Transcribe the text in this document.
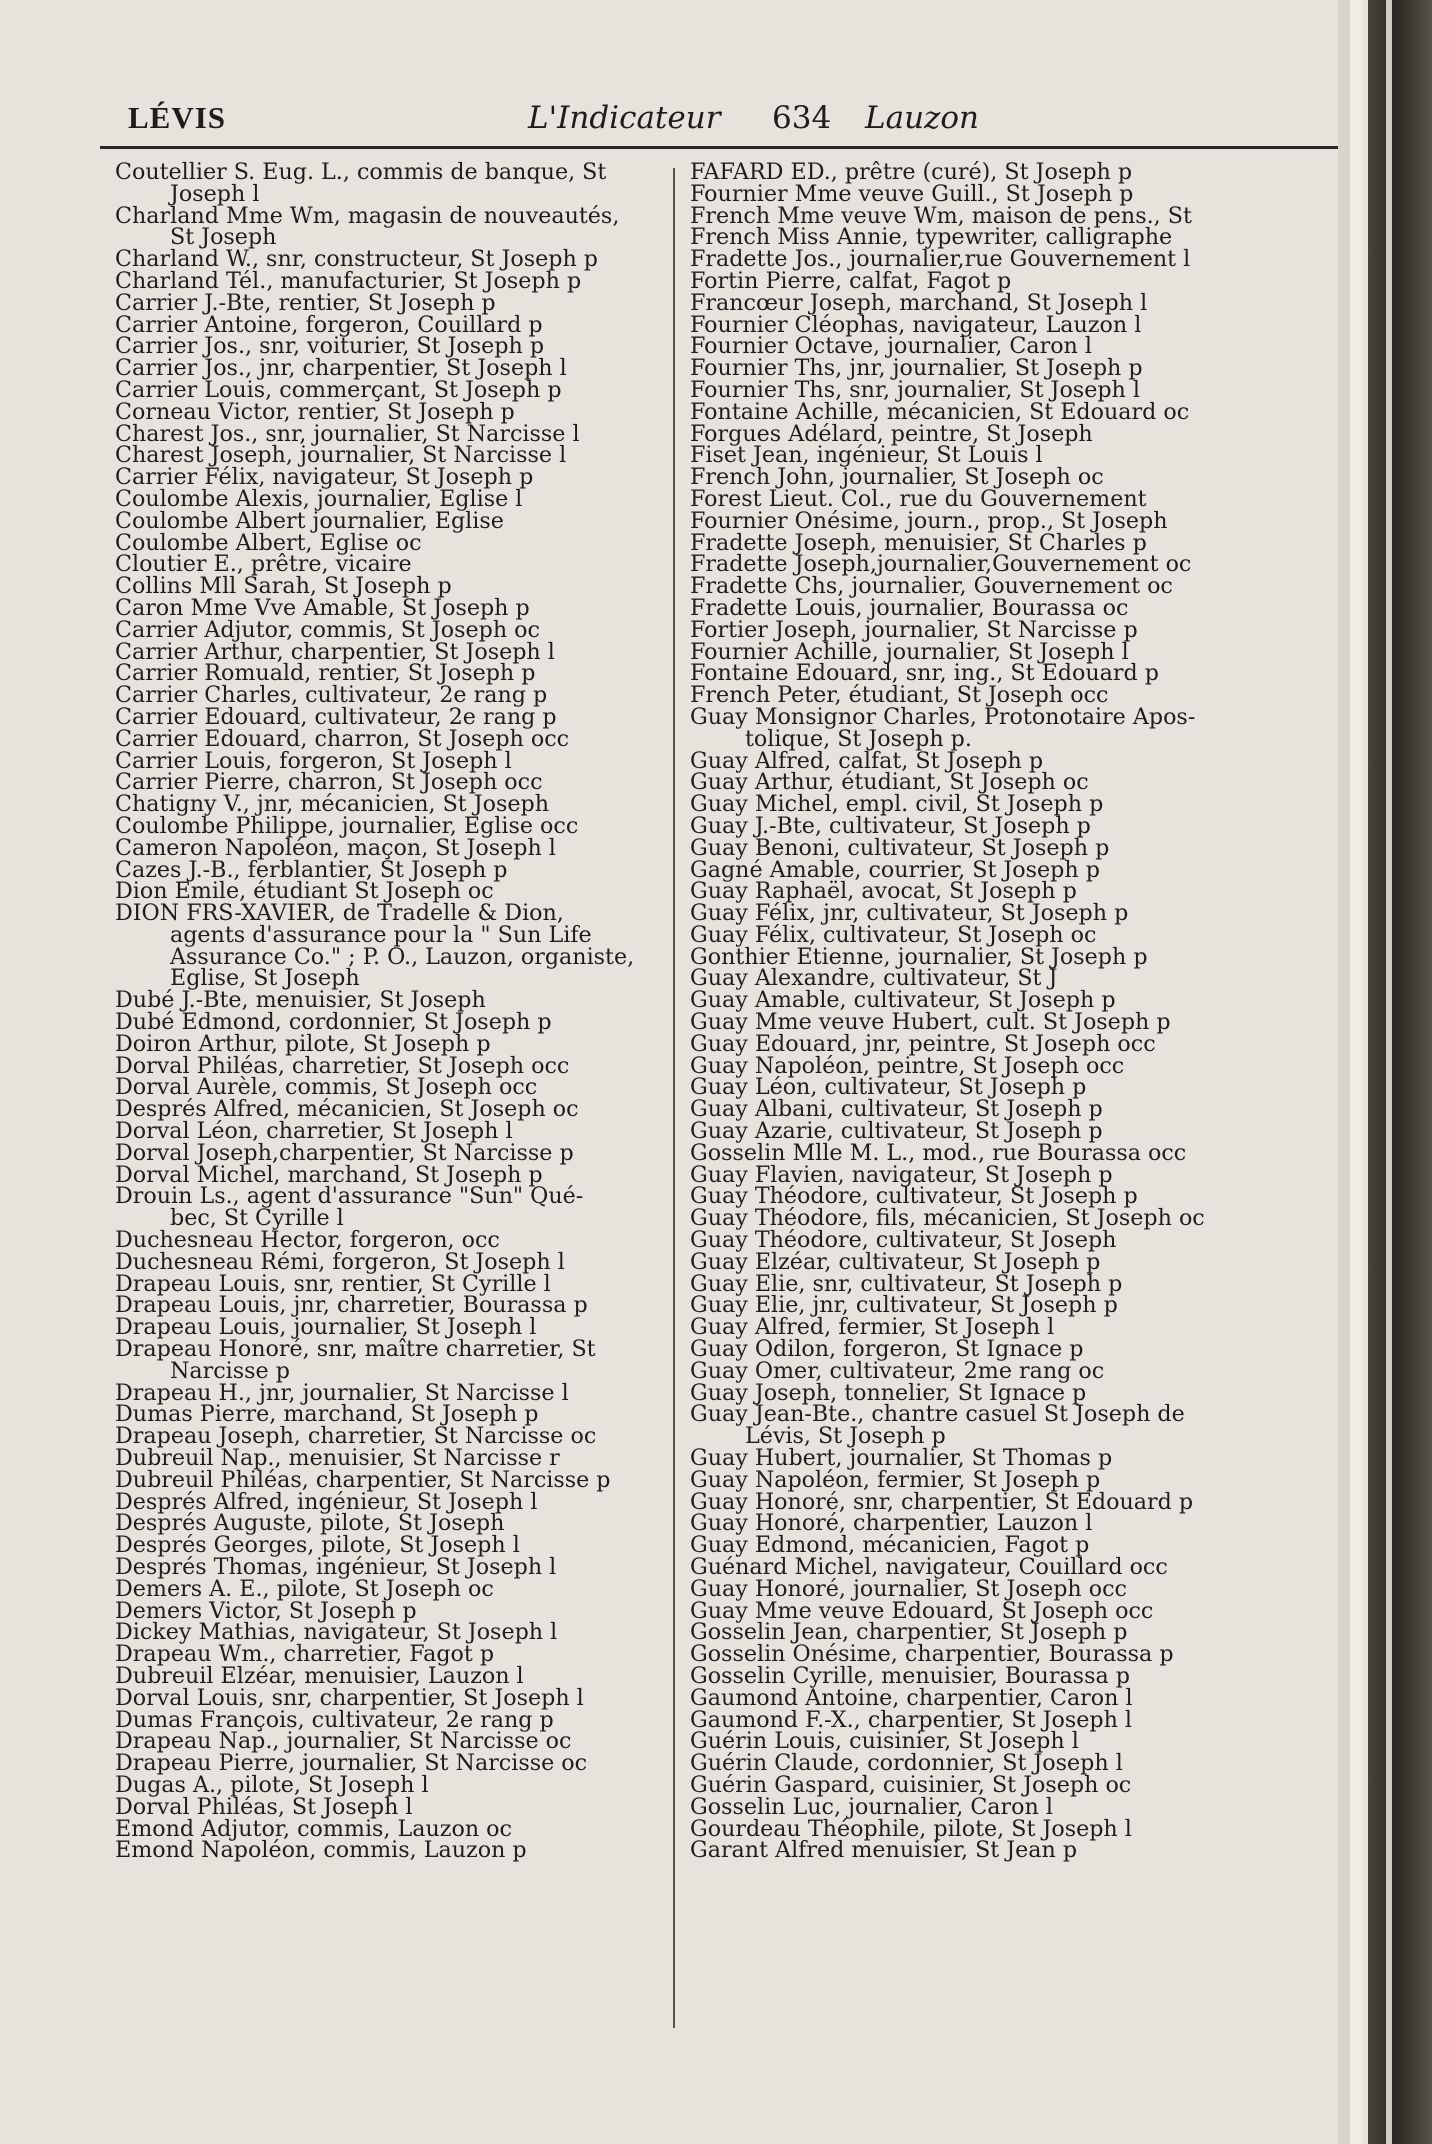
LÉVIS	L'Indicateur 634 Lauzon
Coutellier S. Eug. L., commis de banque, St
Joseph l
Charland Mme Wm, magasin de nouveautés,
St Joseph
Charland W., snr, constructeur, St Joseph p
Charland Tél., manufacturier, St Joseph p
Carrier J.-Bte, rentier, St Joseph p
Carrier Antoine, forgeron, Couillard p
Carrier Jos., snr, voiturier, St Joseph p
Carrier Jos., jnr, charpentier, St Joseph l
Carrier Louis, commerçant, St Joseph p
Corneau Victor, rentier, St Joseph p
Charest Jos., snr, journalier, St Narcisse l
Charest Joseph, journalier, St Narcisse l
Carrier Félix, navigateur, St Joseph p
Coulombe Alexis, journalier, Eglise l
Coulombe Albert journalier, Eglise
Coulombe Albert, Eglise oc
Cloutier E., prêtre, vicaire
Collins Mll Sarah, St Joseph p
Caron Mme Vve Amable, St Joseph p
Carrier Adjutor, commis, St Joseph oc
Carrier Arthur, charpentier, St Joseph l
Carrier Romuald, rentier, St Joseph p
Carrier Charles, cultivateur, 2e rang p
Carrier Edouard, cultivateur, 2e rang p
Carrier Edouard, charron, St Joseph occ
Carrier Louis, forgeron, St Joseph l
Carrier Pierre, charron, St Joseph occ
Chatigny V., jnr, mécanicien, St Joseph
Coulombe Philippe, journalier, Eglise occ
Cameron Napoléon, maçon, St Joseph l
Cazes J.-B., ferblantier, St Joseph p
Dion Emile, étudiant St Joseph oc
DION FRS-XAVIER, de Tradelle & Dion,
agents d'assurance pour la " Sun Life
Assurance Co." ; P. O., Lauzon, organiste,
Eglise, St Joseph
Dubé J.-Bte, menuisier, St Joseph
Dubé Edmond, cordonnier, St Joseph p
Doiron Arthur, pilote, St Joseph p
Dorval Philéas, charretier, St Joseph occ
Dorval Aurèle, commis, St Joseph occ
Després Alfred, mécanicien, St Joseph oc
Dorval Léon, charretier, St Joseph l
Dorval Joseph,charpentier, St Narcisse p
Dorval Michel, marchand, St Joseph p
Drouin Ls., agent d'assurance "Sun" Qué-
bec, St Cyrille l
Duchesneau Hector, forgeron, occ
Duchesneau Rémi, forgeron, St Joseph l
Drapeau Louis, snr, rentier, St Cyrille l
Drapeau Louis, jnr, charretier, Bourassa p
Drapeau Louis, journalier, St Joseph l
Drapeau Honoré, snr, maître charretier, St
Narcisse p
Drapeau H., jnr, journalier, St Narcisse l
Dumas Pierre, marchand, St Joseph p
Drapeau Joseph, charretier, St Narcisse oc
Dubreuil Nap., menuisier, St Narcisse r
Dubreuil Philéas, charpentier, St Narcisse p
Després Alfred, ingénieur, St Joseph l
Després Auguste, pilote, St Joseph
Després Georges, pilote, St Joseph l
Després Thomas, ingénieur, St Joseph l
Demers A. E., pilote, St Joseph oc
Demers Victor, St Joseph p
Dickey Mathias, navigateur, St Joseph l
Drapeau Wm., charretier, Fagot p
Dubreuil Elzéar, menuisier, Lauzon l
Dorval Louis, snr, charpentier, St Joseph l
Dumas François, cultivateur, 2e rang p
Drapeau Nap., journalier, St Narcisse oc
Drapeau Pierre, journalier, St Narcisse oc
Dugas A., pilote, St Joseph l
Dorval Philéas, St Joseph l
Emond Adjutor, commis, Lauzon oc
Emond Napoléon, commis, Lauzon p
FAFARD ED., prêtre (curé), St Joseph p
Fournier Mme veuve Guill., St Joseph p
French Mme veuve Wm, maison de pens., St
French Miss Annie, typewriter, calligraphe
Fradette Jos., journalier,rue Gouvernement l
Fortin Pierre, calfat, Fagot p
Francœur Joseph, marchand, St Joseph l
Fournier Cléophas, navigateur, Lauzon l
Fournier Octave, journalier, Caron l
Fournier Ths, jnr, journalier, St Joseph p
Fournier Ths, snr, journalier, St Joseph l
Fontaine Achille, mécanicien, St Edouard oc
Forgues Adélard, peintre, St Joseph
Fiset Jean, ingénieur, St Louis l
French John, journalier, St Joseph oc
Forest Lieut. Col., rue du Gouvernement
Fournier Onésime, journ., prop., St Joseph
Fradette Joseph, menuisier, St Charles p
Fradette Joseph,journalier,Gouvernement oc
Fradette Chs, journalier, Gouvernement oc
Fradette Louis, journalier, Bourassa oc
Fortier Joseph, journalier, St Narcisse p
Fournier Achille, journalier, St Joseph l
Fontaine Edouard, snr, ing., St Edouard p
French Peter, étudiant, St Joseph occ
Guay Monsignor Charles, Protonotaire Apos-
tolique, St Joseph p.
Guay Alfred, calfat, St Joseph p
Guay Arthur, étudiant, St Joseph oc
Guay Michel, empl. civil, St Joseph p
Guay J.-Bte, cultivateur, St Joseph p
Guay Benoni, cultivateur, St Joseph p
Gagné Amable, courrier, St Joseph p
Guay Raphaël, avocat, St Joseph p
Guay Félix, jnr, cultivateur, St Joseph p
Guay Félix, cultivateur, St Joseph oc
Gonthier Etienne, journalier, St Joseph p
Guay Alexandre, cultivateur, St J
Guay Amable, cultivateur, St Joseph p
Guay Mme veuve Hubert, cult. St Joseph p
Guay Edouard, jnr, peintre, St Joseph occ
Guay Napoléon, peintre, St Joseph occ
Guay Léon, cultivateur, St Joseph p
Guay Albani, cultivateur, St Joseph p
Guay Azarie, cultivateur, St Joseph p
Gosselin Mlle M. L., mod., rue Bourassa occ
Guay Flavien, navigateur, St Joseph p
Guay Théodore, cultivateur, St Joseph p
Guay Théodore, fils, mécanicien, St Joseph oc
Guay Théodore, cultivateur, St Joseph
Guay Elzéar, cultivateur, St Joseph p
Guay Elie, snr, cultivateur, St Joseph p
Guay Elie, jnr, cultivateur, St Joseph p
Guay Alfred, fermier, St Joseph l
Guay Odilon, forgeron, St Ignace p
Guay Omer, cultivateur, 2me rang oc
Guay Joseph, tonnelier, St Ignace p
Guay Jean-Bte., chantre casuel St Joseph de
Lévis, St Joseph p
Guay Hubert, journalier, St Thomas p
Guay Napoléon, fermier, St Joseph p
Guay Honoré, snr, charpentier, St Edouard p
Guay Honoré, charpentier, Lauzon l
Guay Edmond, mécanicien, Fagot p
Guénard Michel, navigateur, Couillard occ
Guay Honoré, journalier, St Joseph occ
Guay Mme veuve Edouard, St Joseph occ
Gosselin Jean, charpentier, St Joseph p
Gosselin Onésime, charpentier, Bourassa p
Gosselin Cyrille, menuisier, Bourassa p
Gaumond Antoine, charpentier, Caron l
Gaumond F.-X., charpentier, St Joseph l
Guérin Louis, cuisinier, St Joseph l
Guérin Claude, cordonnier, St Joseph l
Guérin Gaspard, cuisinier, St Joseph oc
Gosselin Luc, journalier, Caron l
Gourdeau Théophile, pilote, St Joseph l
Garant Alfred menuisier, St Jean p
